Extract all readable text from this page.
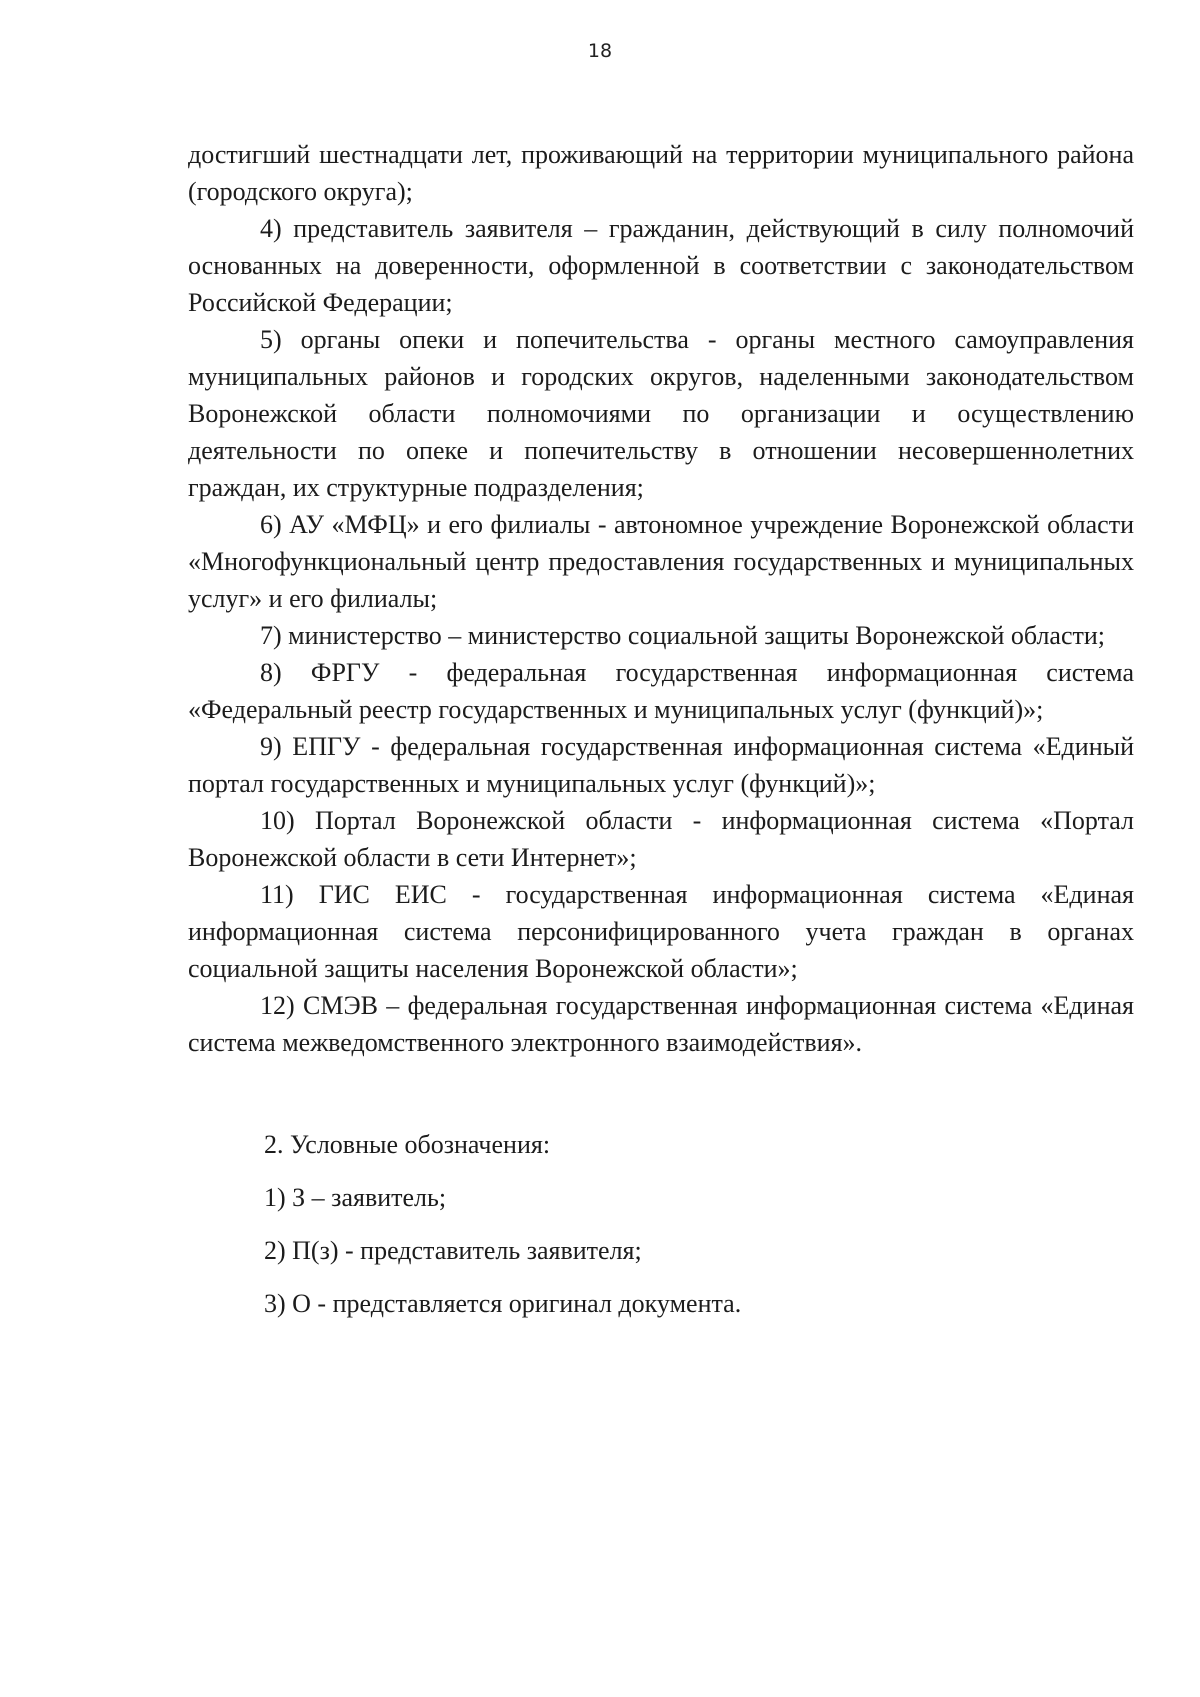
18

достигший шестнадцати лет, проживающий на территории муниципального района (городского округа);

4) представитель заявителя – гражданин, действующий в силу полномочий основанных на доверенности, оформленной в соответствии с законодательством Российской Федерации;

5) органы опеки и попечительства - органы местного самоуправления муниципальных районов и городских округов, наделенными законодательством Воронежской области полномочиями по организации и осуществлению деятельности по опеке и попечительству в отношении несовершеннолетних граждан, их структурные подразделения;

6) АУ «МФЦ» и его филиалы - автономное учреждение Воронежской области «Многофункциональный центр предоставления государственных и муниципальных услуг» и его филиалы;

7) министерство – министерство социальной защиты Воронежской области;

8) ФРГУ - федеральная государственная информационная система «Федеральный реестр государственных и муниципальных услуг (функций)»;

9) ЕПГУ - федеральная государственная информационная система «Единый портал государственных и муниципальных услуг (функций)»;

10) Портал Воронежской области - информационная система «Портал Воронежской области в сети Интернет»;

11) ГИС ЕИС - государственная информационная система «Единая информационная система персонифицированного учета граждан в органах социальной защиты населения Воронежской области»;

12) СМЭВ – федеральная государственная информационная система «Единая система межведомственного электронного взаимодействия».

2. Условные обозначения:

1) З – заявитель;

2) П(з) - представитель заявителя;

3) О - представляется оригинал документа.
